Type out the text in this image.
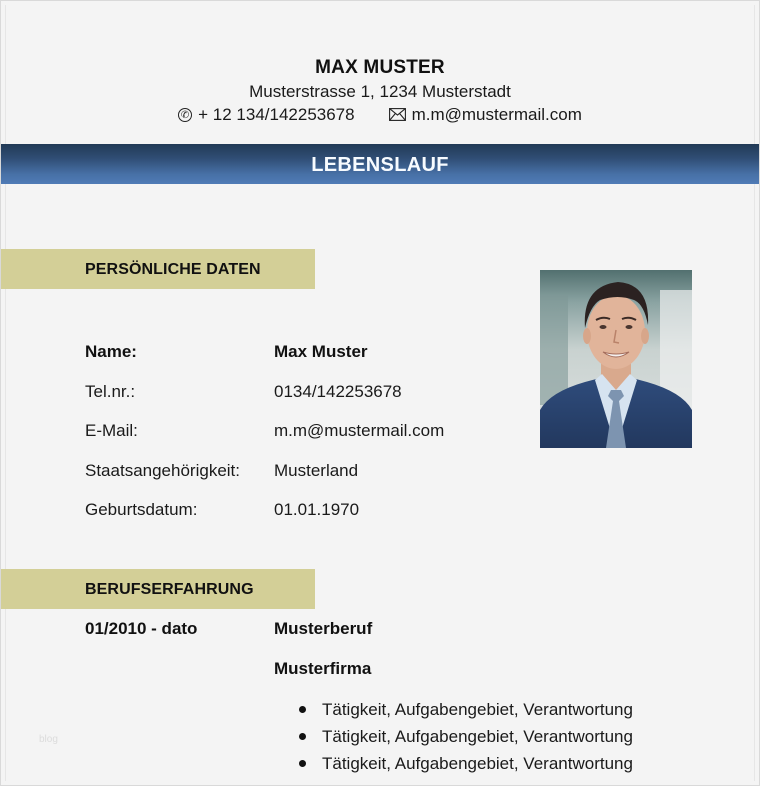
MAX MUSTER
Musterstrasse 1, 1234 Musterstadt
✆ + 12 134/142253678	m.m@mustermail.com
LEBENSLAUF
PERSÖNLICHE DATEN
Name:	Max Muster
Tel.nr.:	0134/142253678
E-Mail:	m.m@mustermail.com
Staatsangehörigkeit:	Musterland
Geburtsdatum:	01.01.1970
BERUFSERFAHRUNG
01/2010 - dato	Musterberuf
Musterfirma
Tätigkeit, Aufgabengebiet, Verantwortung
Tätigkeit, Aufgabengebiet, Verantwortung
Tätigkeit, Aufgabengebiet, Verantwortung
blog
